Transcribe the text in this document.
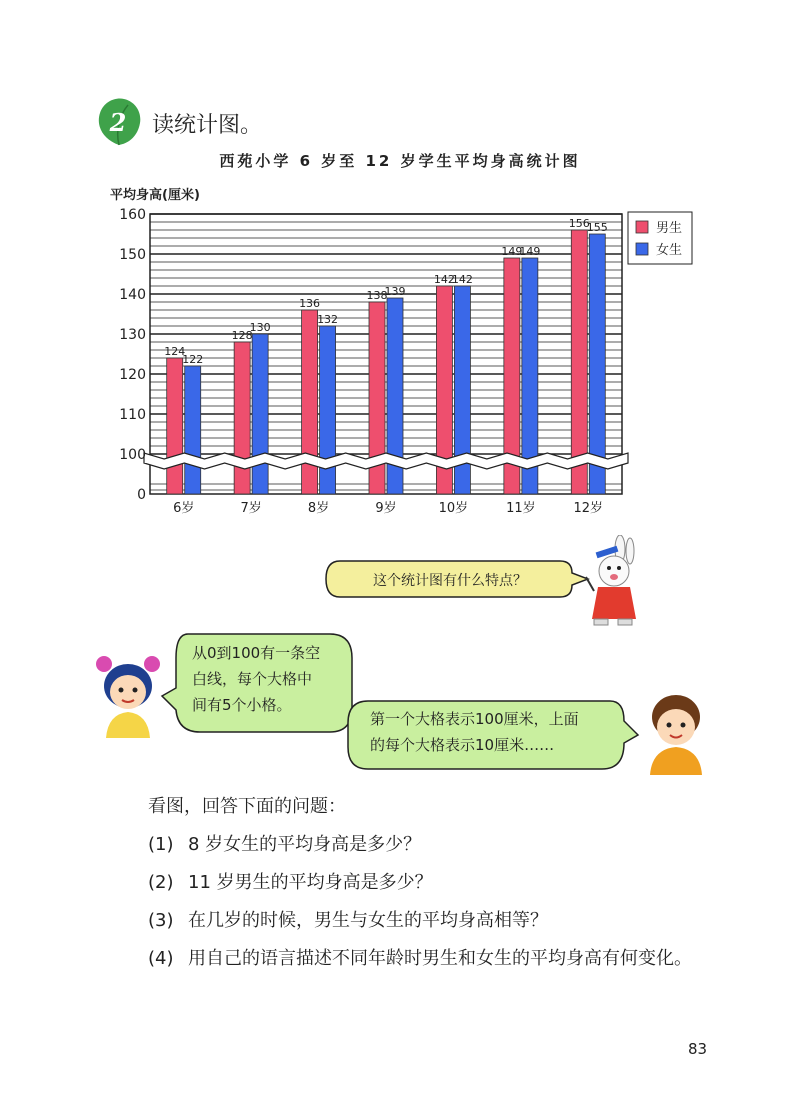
2 读统计图。
西苑小学 6 岁至 12 岁学生平均身高统计图
平均身高(厘米)
124
122
128
130
136
132
138
139
142
142
149
149
156
155
0
100
110
120
130
140
150
160
6岁	7岁	8岁	9岁	10岁	11岁	12岁
男生
女生
这个统计图有什么特点？
从0到100有一条空
白线，每个大格中
间有5个小格。
第一个大格表示100厘米，上面
的每个大格表示10厘米……
看图，回答下面的问题：
(1) 8 岁女生的平均身高是多少？
(2) 11 岁男生的平均身高是多少？
(3) 在几岁的时候，男生与女生的平均身高相等？
(4) 用自己的语言描述不同年龄时男生和女生的平均身高有何变化。
83
